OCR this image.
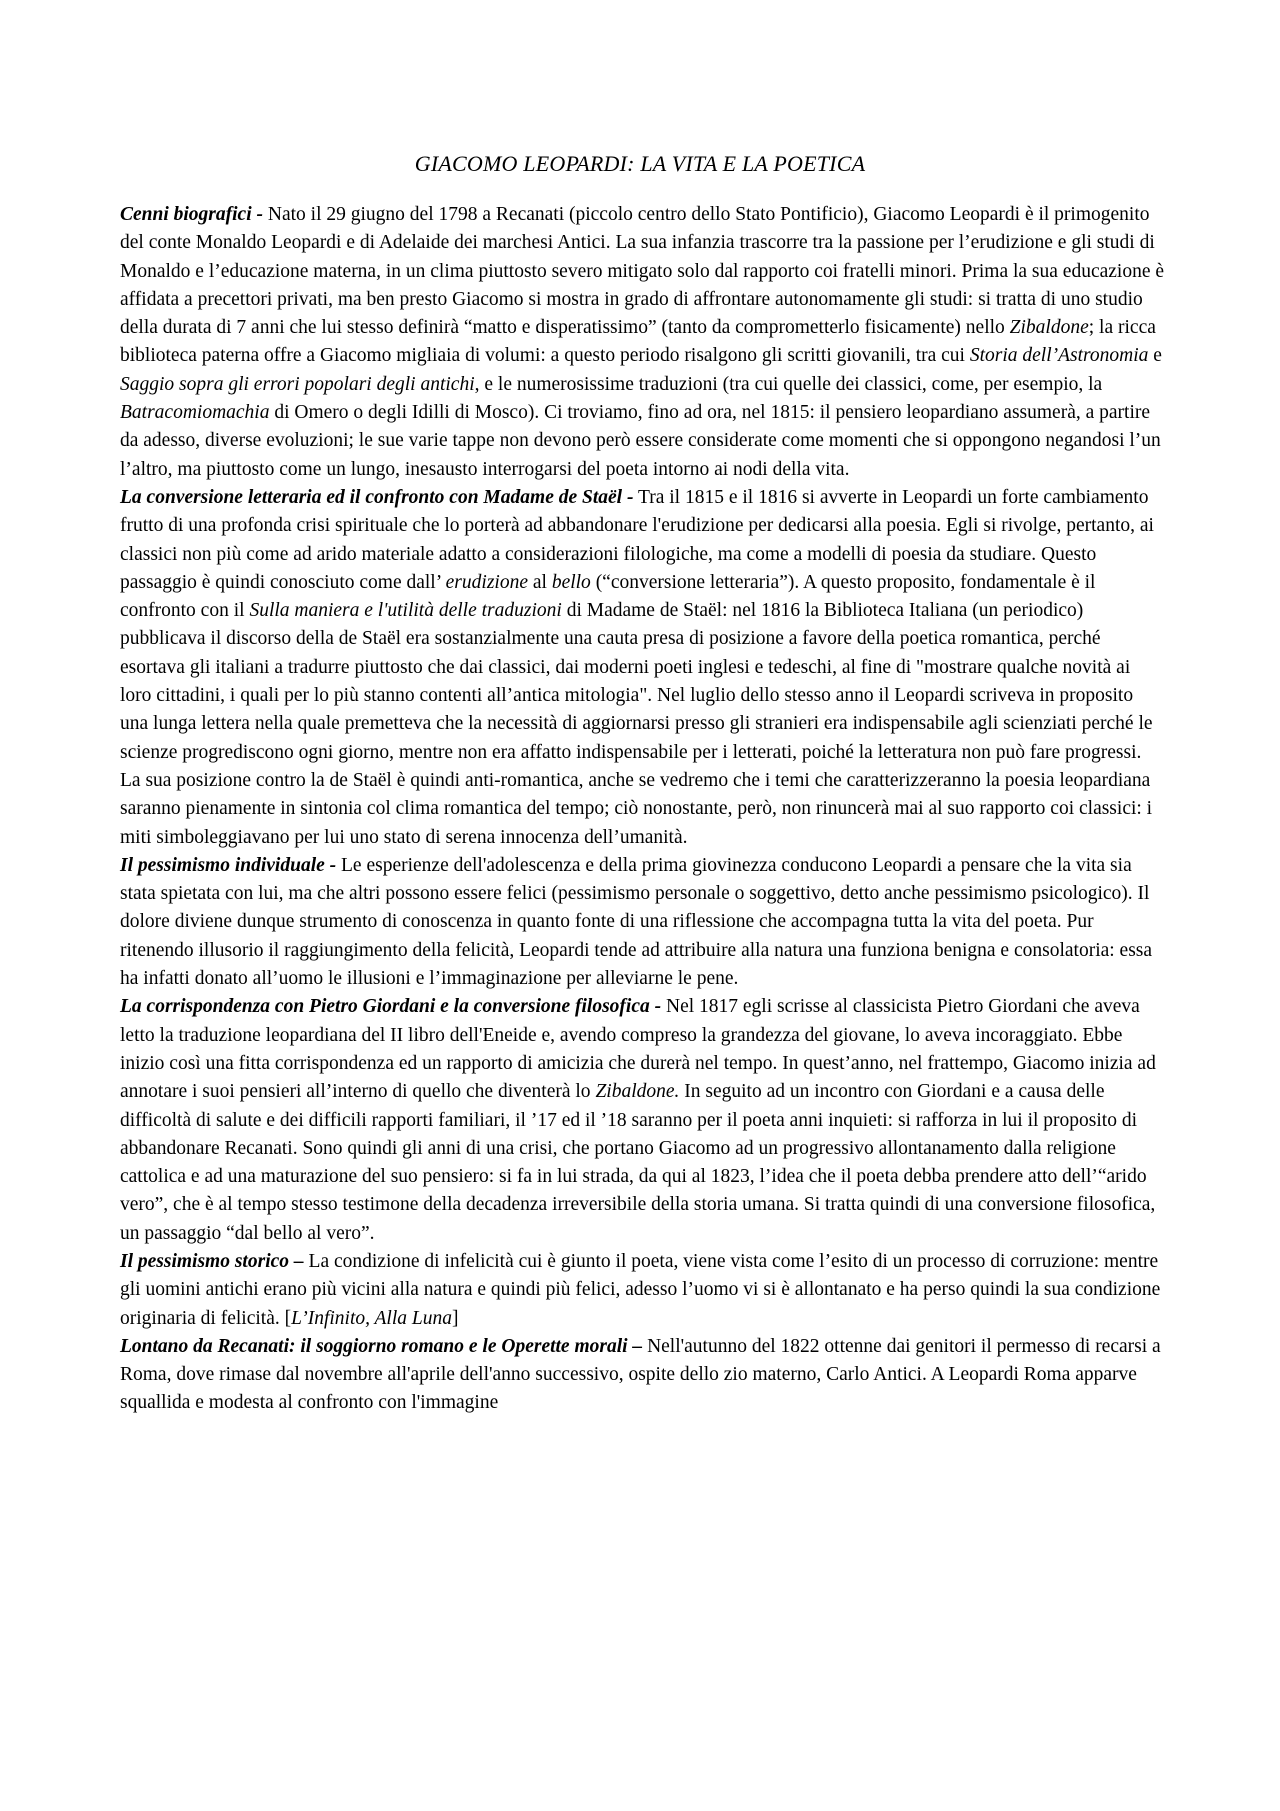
GIACOMO LEOPARDI: LA VITA E LA POETICA

Cenni biografici - Nato il 29 giugno del 1798 a Recanati (piccolo centro dello Stato Pontificio), Giacomo Leopardi è il primogenito del conte Monaldo Leopardi e di Adelaide dei marchesi Antici. La sua infanzia trascorre tra la passione per l’erudizione e gli studi di Monaldo e l’educazione materna, in un clima piuttosto severo mitigato solo dal rapporto coi fratelli minori. Prima la sua educazione è affidata a precettori privati, ma ben presto Giacomo si mostra in grado di affrontare autonomamente gli studi: si tratta di uno studio della durata di 7 anni che lui stesso definirà “matto e disperatissimo” (tanto da comprometterlo fisicamente) nello Zibaldone; la ricca biblioteca paterna offre a Giacomo migliaia di volumi: a questo periodo risalgono gli scritti giovanili, tra cui Storia dell’Astronomia e Saggio sopra gli errori popolari degli antichi, e le numerosissime traduzioni (tra cui quelle dei classici, come, per esempio, la Batracomiomachia di Omero o degli Idilli di Mosco). Ci troviamo, fino ad ora, nel 1815: il pensiero leopardiano assumerà, a partire da adesso, diverse evoluzioni; le sue varie tappe non devono però essere considerate come momenti che si oppongono negandosi l’un l’altro, ma piuttosto come un lungo, inesausto interrogarsi del poeta intorno ai nodi della vita.

La conversione letteraria ed il confronto con Madame de Staël - Tra il 1815 e il 1816 si avverte in Leopardi un forte cambiamento frutto di una profonda crisi spirituale che lo porterà ad abbandonare l'erudizione per dedicarsi alla poesia. Egli si rivolge, pertanto, ai classici non più come ad arido materiale adatto a considerazioni filologiche, ma come a modelli di poesia da studiare. Questo passaggio è quindi conosciuto come dall’ erudizione al bello (“conversione letteraria”). A questo proposito, fondamentale è il confronto con il Sulla maniera e l'utilità delle traduzioni di Madame de Staël: nel 1816 la Biblioteca Italiana (un periodico) pubblicava il discorso della de Staël era sostanzialmente una cauta presa di posizione a favore della poetica romantica, perché esortava gli italiani a tradurre piuttosto che dai classici, dai moderni poeti inglesi e tedeschi, al fine di "mostrare qualche novità ai loro cittadini, i quali per lo più stanno contenti all’antica mitologia". Nel luglio dello stesso anno il Leopardi scriveva in proposito una lunga lettera nella quale premetteva che la necessità di aggiornarsi presso gli stranieri era indispensabile agli scienziati perché le scienze progrediscono ogni giorno, mentre non era affatto indispensabile per i letterati, poiché la letteratura non può fare progressi. La sua posizione contro la de Staël è quindi anti-romantica, anche se vedremo che i temi che caratterizzeranno la poesia leopardiana saranno pienamente in sintonia col clima romantica del tempo; ciò nonostante, però, non rinuncerà mai al suo rapporto coi classici: i miti simboleggiavano per lui uno stato di serena innocenza dell’umanità.

Il pessimismo individuale - Le esperienze dell'adolescenza e della prima giovinezza conducono Leopardi a pensare che la vita sia stata spietata con lui, ma che altri possono essere felici (pessimismo personale o soggettivo, detto anche pessimismo psicologico). Il dolore diviene dunque strumento di conoscenza in quanto fonte di una riflessione che accompagna tutta la vita del poeta. Pur ritenendo illusorio il raggiungimento della felicità, Leopardi tende ad attribuire alla natura una funziona benigna e consolatoria: essa ha infatti donato all’uomo le illusioni e l’immaginazione per alleviarne le pene.

La corrispondenza con Pietro Giordani e la conversione filosofica - Nel 1817 egli scrisse al classicista Pietro Giordani che aveva letto la traduzione leopardiana del II libro dell'Eneide e, avendo compreso la grandezza del giovane, lo aveva incoraggiato. Ebbe inizio così una fitta corrispondenza ed un rapporto di amicizia che durerà nel tempo. In quest’anno, nel frattempo, Giacomo inizia ad annotare i suoi pensieri all’interno di quello che diventerà lo Zibaldone. In seguito ad un incontro con Giordani e a causa delle difficoltà di salute e dei difficili rapporti familiari, il ’17 ed il ’18 saranno per il poeta anni inquieti: si rafforza in lui il proposito di abbandonare Recanati. Sono quindi gli anni di una crisi, che portano Giacomo ad un progressivo allontanamento dalla religione cattolica e ad una maturazione del suo pensiero: si fa in lui strada, da qui al 1823, l’idea che il poeta debba prendere atto dell’“arido vero”, che è al tempo stesso testimone della decadenza irreversibile della storia umana. Si tratta quindi di una conversione filosofica, un passaggio “dal bello al vero”.

Il pessimismo storico – La condizione di infelicità cui è giunto il poeta, viene vista come l’esito di un processo di corruzione: mentre gli uomini antichi erano più vicini alla natura e quindi più felici, adesso l’uomo vi si è allontanato e ha perso quindi la sua condizione originaria di felicità. [L’Infinito, Alla Luna]

Lontano da Recanati: il soggiorno romano e le Operette morali – Nell'autunno del 1822 ottenne dai genitori il permesso di recarsi a Roma, dove rimase dal novembre all'aprile dell'anno successivo, ospite dello zio materno, Carlo Antici. A Leopardi Roma apparve squallida e modesta al confronto con l'immagine
